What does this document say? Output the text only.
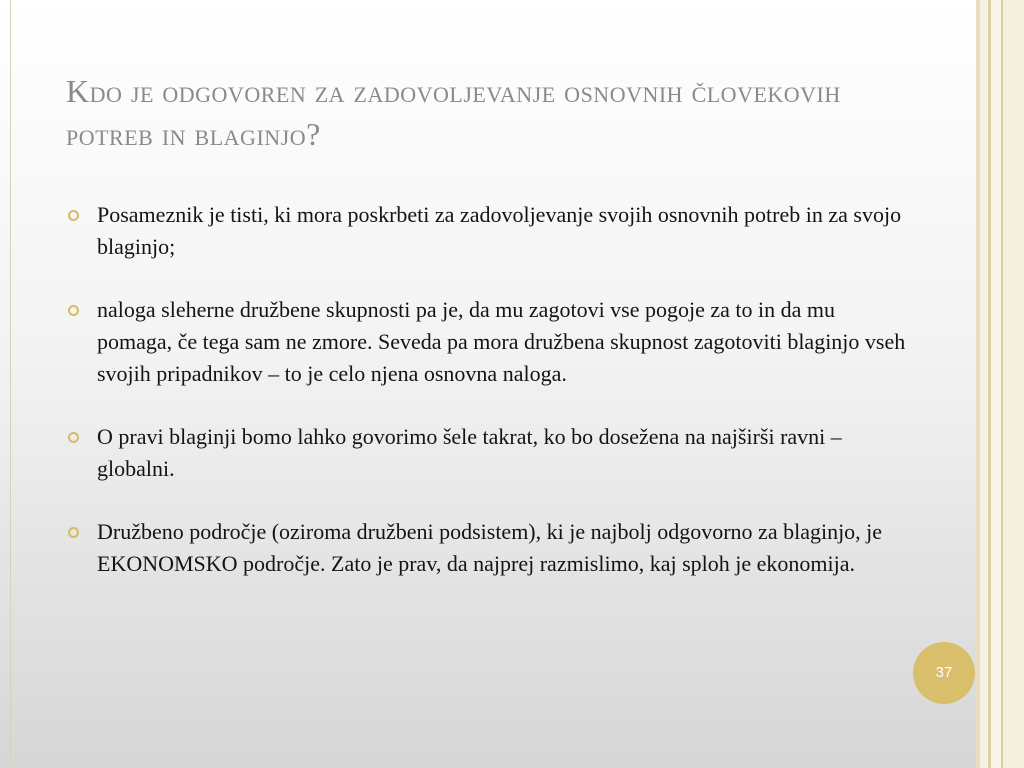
Kdo je odgovoren za zadovoljevanje osnovnih človekovih potreb in blaginjo?
Posameznik je tisti, ki mora poskrbeti za zadovoljevanje svojih osnovnih potreb in za svojo blaginjo;
naloga sleherne družbene skupnosti pa je, da mu zagotovi vse pogoje za to in da mu pomaga, če tega sam ne zmore. Seveda pa mora družbena skupnost zagotoviti blaginjo vseh svojih pripadnikov – to je celo njena osnovna naloga.
O pravi blaginji bomo lahko govorimo šele takrat, ko bo dosežena na najširši ravni – globalni.
Družbeno področje (oziroma družbeni podsistem), ki je najbolj odgovorno za blaginjo, je EKONOMSKO področje. Zato je prav, da najprej razmislimo, kaj sploh je ekonomija.
37
